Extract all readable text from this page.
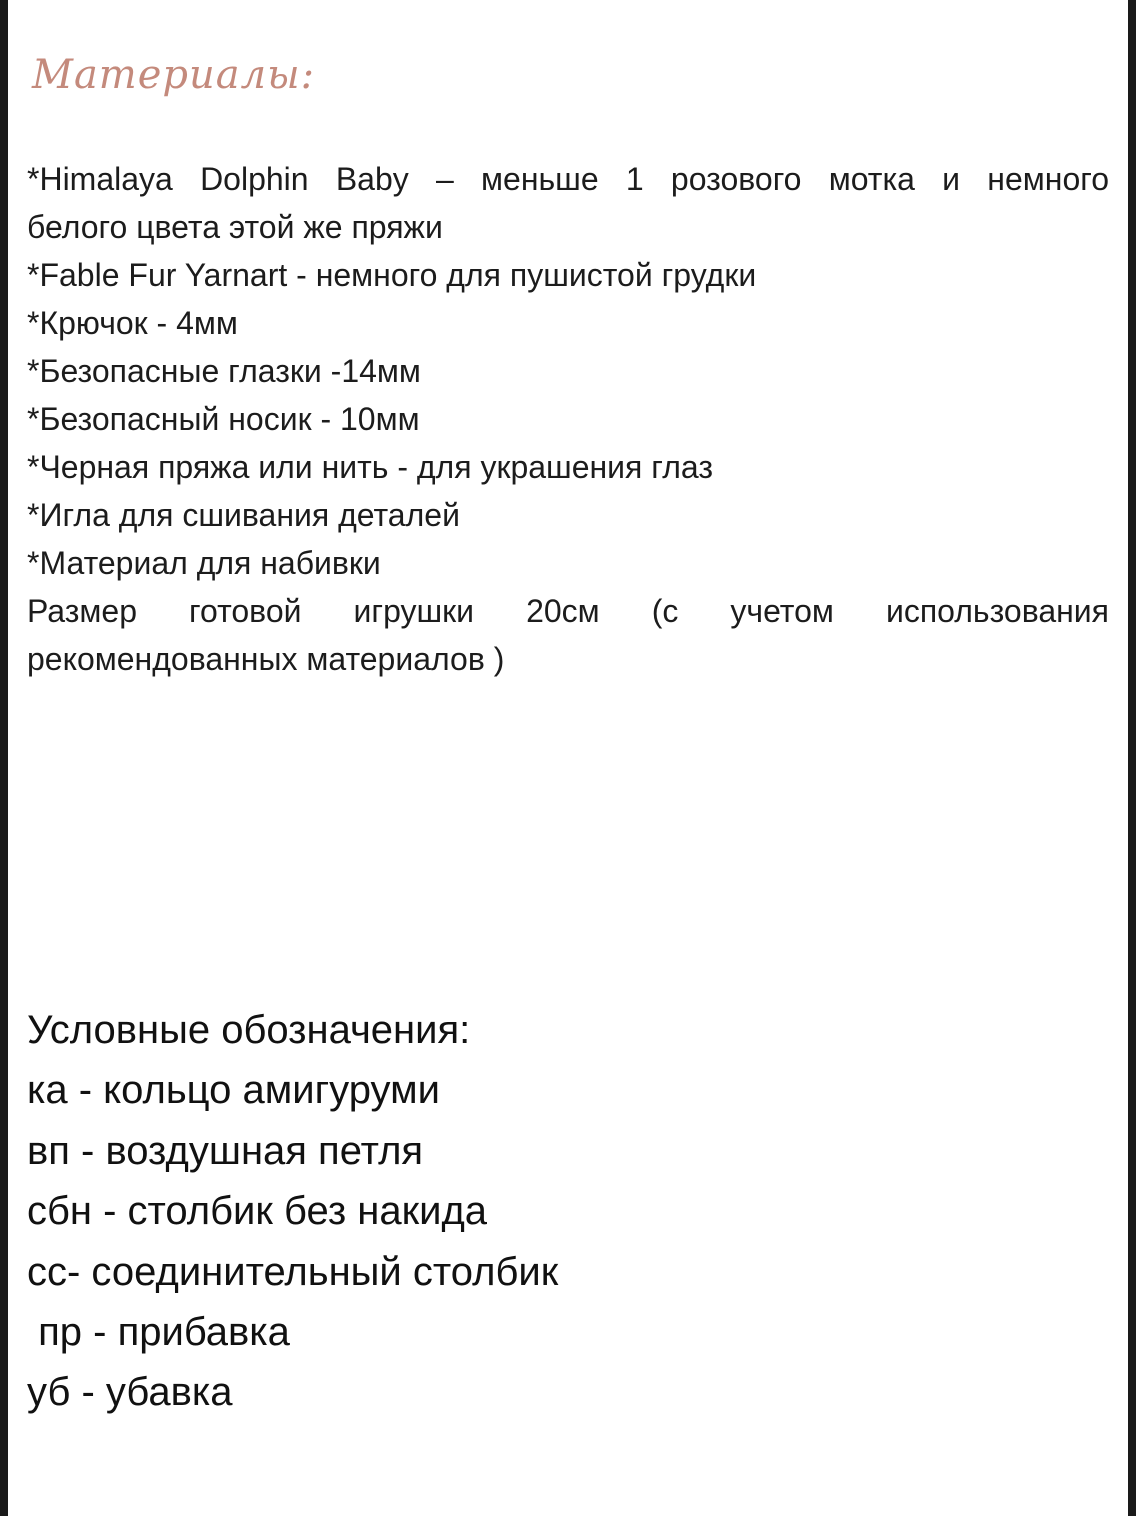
Материалы:
*Himalaya Dolphin Baby – меньше 1 розового мотка и немного
белого цвета этой же пряжи
*Fable Fur Yarnart - немного для пушистой грудки
*Крючок - 4мм
*Безопасные глазки -14мм
*Безопасный носик - 10мм
*Черная пряжа или нить - для украшения глаз
*Игла для сшивания деталей
*Материал для набивки
Размер готовой игрушки 20см (с учетом использования
рекомендованных материалов )
Условные обозначения:
ка - кольцо амигуруми
вп - воздушная петля
сбн - столбик без накида
сс- соединительный столбик
пр - прибавка
уб - убавка
